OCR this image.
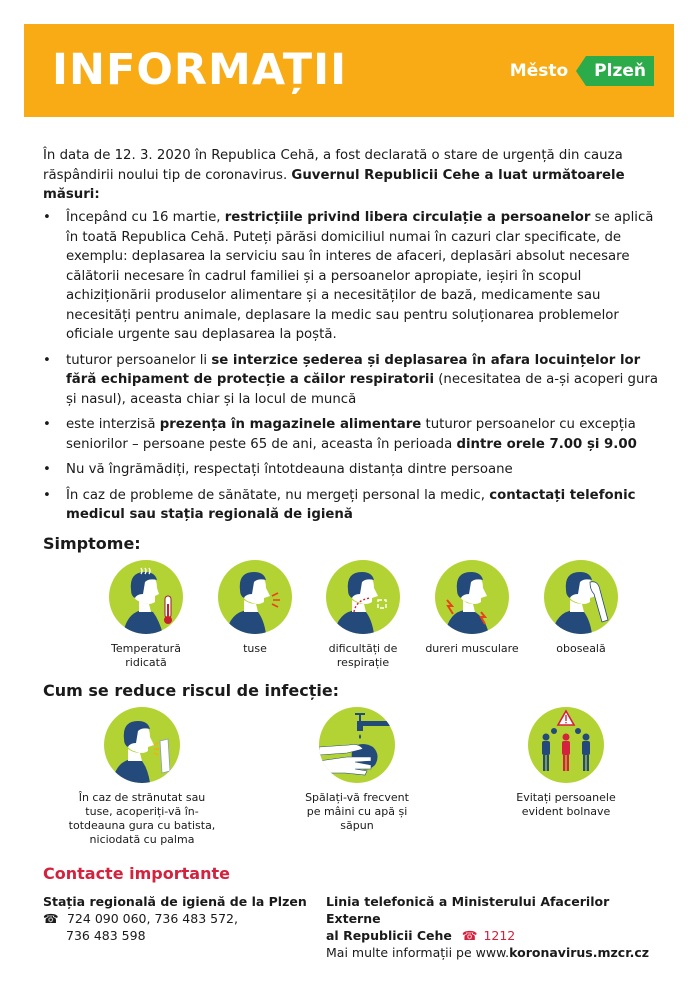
INFORMAȚII	Město	Plzeň
În data de 12. 3. 2020 în Republica Cehă, a fost declarată o stare de urgență din cauza răspândirii noului tip de coronavirus. Guvernul Republicii Cehe a luat următoarele măsuri:
• Începând cu 16 martie, restricțiile privind libera circulație a persoanelor se aplică în toată Republica Cehă. Puteți părăsi domiciliul numai în cazuri clar specificate, de exemplu: deplasarea la serviciu sau în interes de afaceri, deplasări absolut necesare călătorii necesare în cadrul familiei și a persoanelor apropiate, ieșiri în scopul achiziționării produselor alimentare și a necesităților de bază, medicamente sau necesități pentru animale, deplasare la medic sau pentru soluționarea problemelor oficiale urgente sau deplasarea la poștă.
• tuturor persoanelor li se interzice șederea și deplasarea în afara locuințelor lor fără echipament de protecție a căilor respiratorii (necesitatea de a-și acoperi gura și nasul), aceasta chiar și la locul de muncă
• este interzisă prezența în magazinele alimentare tuturor persoanelor cu excepția seniorilor – persoane peste 65 de ani, aceasta în perioada dintre orele 7.00 și 9.00
• Nu vă îngrămădiți, respectați întotdeauna distanța dintre persoane
• În caz de probleme de sănătate, nu mergeți personal la medic, contactați telefonic medicul sau stația regională de igienă
Simptome:
Temperatură
ridicată
tuse	dificultăți de
respirație
dureri musculare	oboseală
Cum se reduce riscul de infecție:
În caz de strănutat sau
tuse, acoperiți-vă în-
totdeauna gura cu batista,
niciodată cu palma
Spălați-vă frecvent
pe mâini cu apă și
săpun
Evitați persoanele
evident bolnave
Contacte importante
Stația regională de igienă de la Plzen
☎ 724 090 060, 736 483 572,
736 483 598
Linia telefonică a Ministerului Afacerilor Externe
al Republicii Cehe ☎ 1212
Mai multe informații pe www.koronavirus.mzcr.cz
